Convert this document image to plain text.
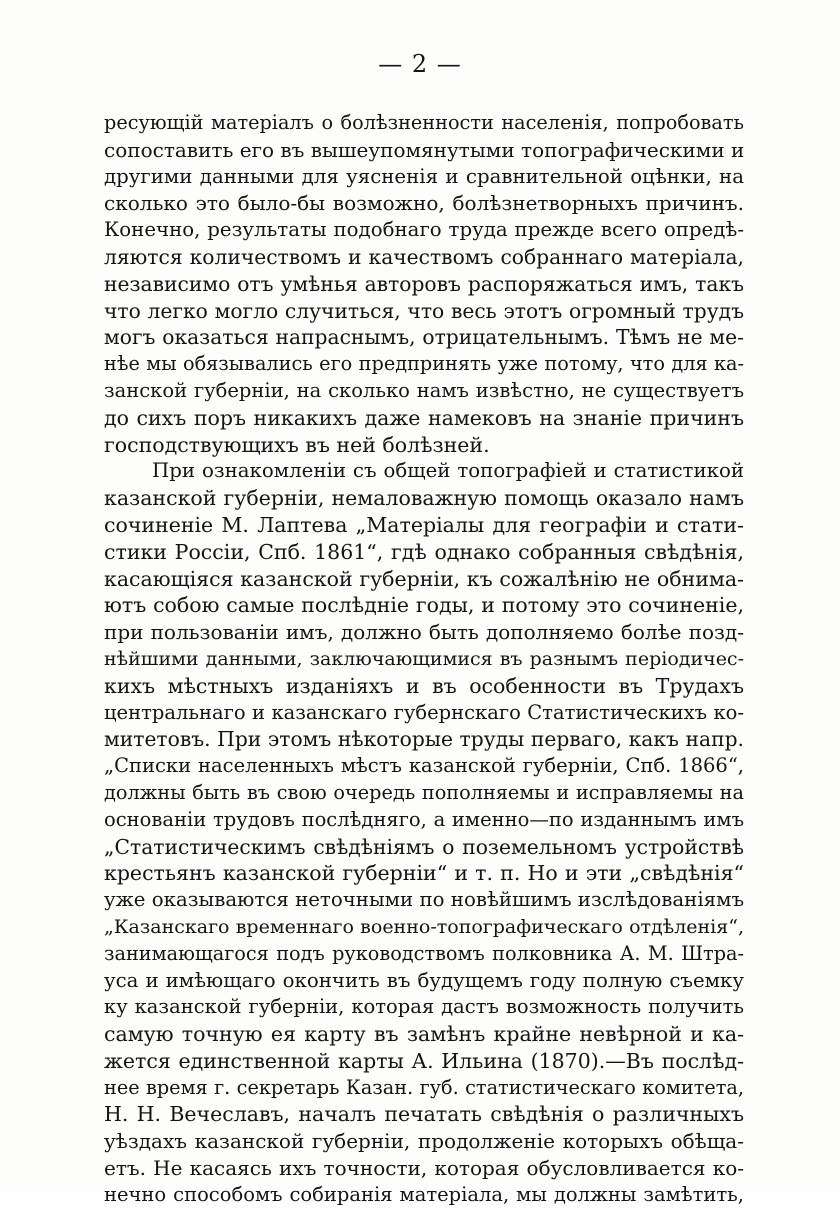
— 2 —
ресующій матеріалъ о болѣзненности населенія, попробовать
сопоставить его въ вышеупомянутыми топографическими и
другими данными для уясненія и сравнительной оцѣнки, на
сколько это было-бы возможно, болѣзнетворныхъ причинъ.
Конечно, результаты подобнаго труда прежде всего опредѣ-
ляются количествомъ и качествомъ собраннаго матеріала,
независимо отъ умѣнья авторовъ распоряжаться имъ, такъ
что легко могло случиться, что весь этотъ огромный трудъ
могъ оказаться напраснымъ, отрицательнымъ. Тѣмъ не ме-
нѣе мы обязывались его предпринять уже потому, что для ка-
занской губерніи, на сколько намъ извѣстно, не существуетъ
до сихъ поръ никакихъ даже намековъ на знаніе причинъ
господствующихъ въ ней болѣзней.
При ознакомленіи съ общей топографіей и статистикой
казанской губерніи, немаловажную помощь оказало намъ
сочиненіе М. Лаптева „Матеріалы для географіи и стати-
стики Россіи, Спб. 1861“, гдѣ однако собранныя свѣдѣнія,
касающіяся казанской губерніи, къ сожалѣнію не обнима-
ютъ собою самые послѣдніе годы, и потому это сочиненіе,
при пользованіи имъ, должно быть дополняемо болѣе позд-
нѣйшими данными, заключающимися въ разнымъ періодичес-
кихъ мѣстныхъ изданіяхъ и въ особенности въ Трудахъ
центральнаго и казанскаго губернскаго Статистическихъ ко-
митетовъ. При этомъ нѣкоторые труды перваго, какъ напр.
„Списки населенныхъ мѣстъ казанской губерніи, Спб. 1866“,
должны быть въ свою очередь пополняемы и исправляемы на
основаніи трудовъ послѣдняго, а именно—по изданнымъ имъ
„Статистическимъ свѣдѣніямъ о поземельномъ устройствѣ
крестьянъ казанской губерніи“ и т. п. Но и эти „свѣдѣнія“
уже оказываются неточными по новѣйшимъ изслѣдованіямъ
„Казанскаго временнаго военно-топографическаго отдѣленія“,
занимающагося подъ руководствомъ полковника А. М. Штра-
уса и имѣющаго окончить въ будущемъ году полную съемку
ку казанской губерніи, которая дастъ возможность получить
самую точную ея карту въ замѣнъ крайне невѣрной и ка-
жется единственной карты А. Ильина (1870).—Въ послѣд-
нее время г. секретарь Казан. губ. статистическаго комитета,
Н. Н. Вечеславъ, началъ печатать свѣдѣнія о различныхъ
уѣздахъ казанской губерніи, продолженіе которыхъ обѣща-
етъ. Не касаясь ихъ точности, которая обусловливается ко-
нечно способомъ собиранія матеріала, мы должны замѣтить,
